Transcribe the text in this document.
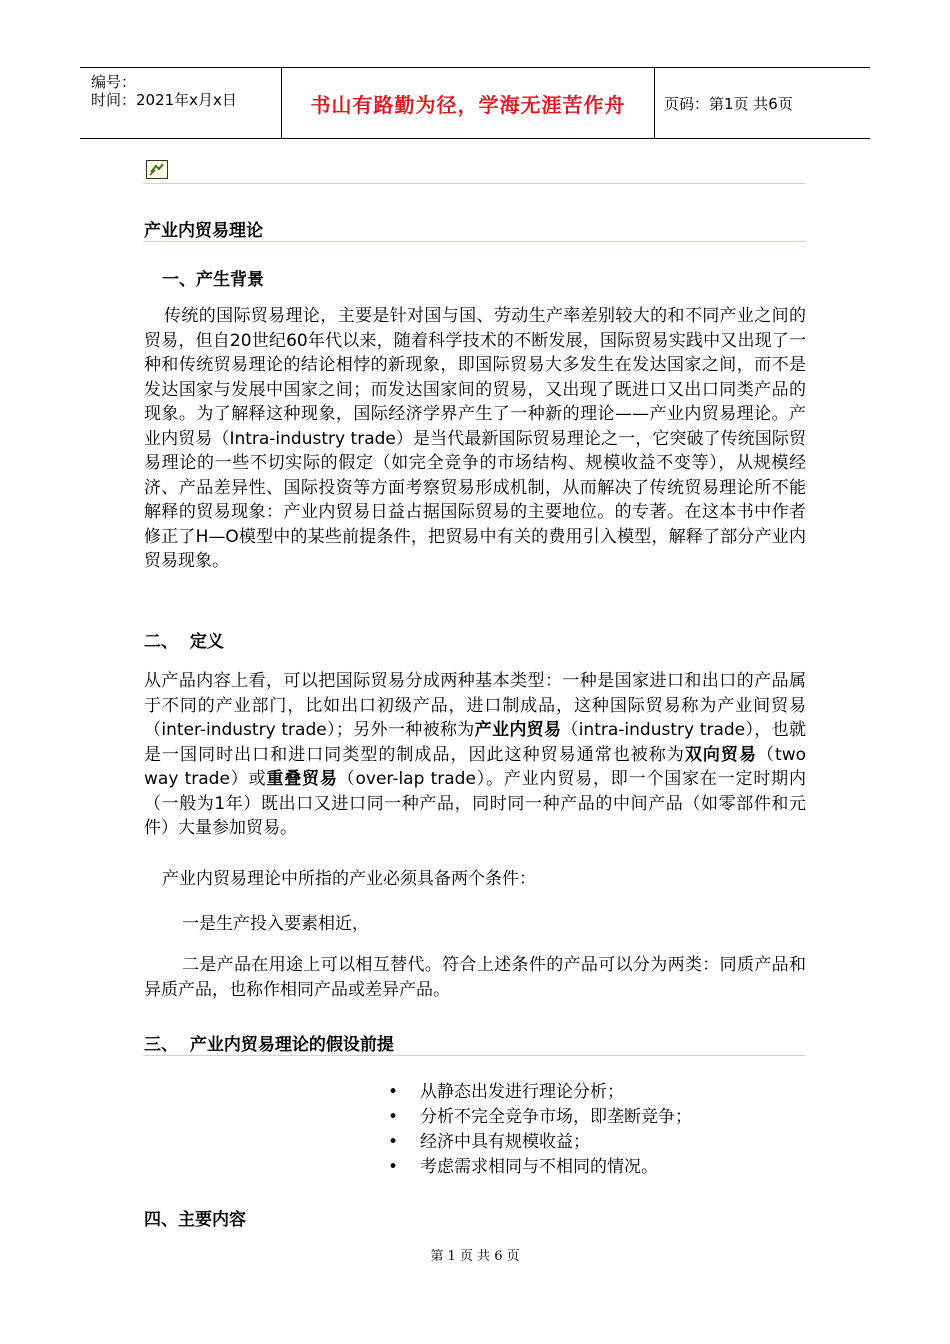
编号：
时间：2021年x月x日	书山有路勤为径，学海无涯苦作舟	页码：第1页 共6页
产业内贸易理论
一、产生背景
传统的国际贸易理论，主要是针对国与国、劳动生产率差别较大的和不同产业之间的贸易，但自20世纪60年代以来，随着科学技术的不断发展，国际贸易实践中又出现了一种和传统贸易理论的结论相悖的新现象，即国际贸易大多发生在发达国家之间，而不是发达国家与发展中国家之间；而发达国家间的贸易，又出现了既进口又出口同类产品的现象。为了解释这种现象，国际经济学界产生了一种新的理论——产业内贸易理论。产业内贸易（Intra-industry trade）是当代最新国际贸易理论之一，它突破了传统国际贸易理论的一些不切实际的假定（如完全竞争的市场结构、规模收益不变等），从规模经济、产品差异性、国际投资等方面考察贸易形成机制，从而解决了传统贸易理论所不能解释的贸易现象：产业内贸易日益占据国际贸易的主要地位。的专著。在这本书中作者修正了H—O模型中的某些前提条件，把贸易中有关的费用引入模型，解释了部分产业内贸易现象。
二、  定义
从产品内容上看，可以把国际贸易分成两种基本类型：一种是国家进口和出口的产品属于不同的产业部门，比如出口初级产品，进口制成品，这种国际贸易称为产业间贸易（inter-industry trade）；另外一种被称为产业内贸易（intra-industry trade），也就是一国同时出口和进口同类型的制成品，因此这种贸易通常也被称为双向贸易（two way trade）或重叠贸易（over-lap trade）。产业内贸易，即一个国家在一定时期内（一般为1年）既出口又进口同一种产品，同时同一种产品的中间产品（如零部件和元件）大量参加贸易。
产业内贸易理论中所指的产业必须具备两个条件：
一是生产投入要素相近，
二是产品在用途上可以相互替代。符合上述条件的产品可以分为两类：同质产品和异质产品，也称作相同产品或差异产品。
三、  产业内贸易理论的假设前提
• 从静态出发进行理论分析；
• 分析不完全竞争市场，即垄断竞争；
• 经济中具有规模收益；
• 考虑需求相同与不相同的情况。
四、主要内容
第 1 页 共 6 页
